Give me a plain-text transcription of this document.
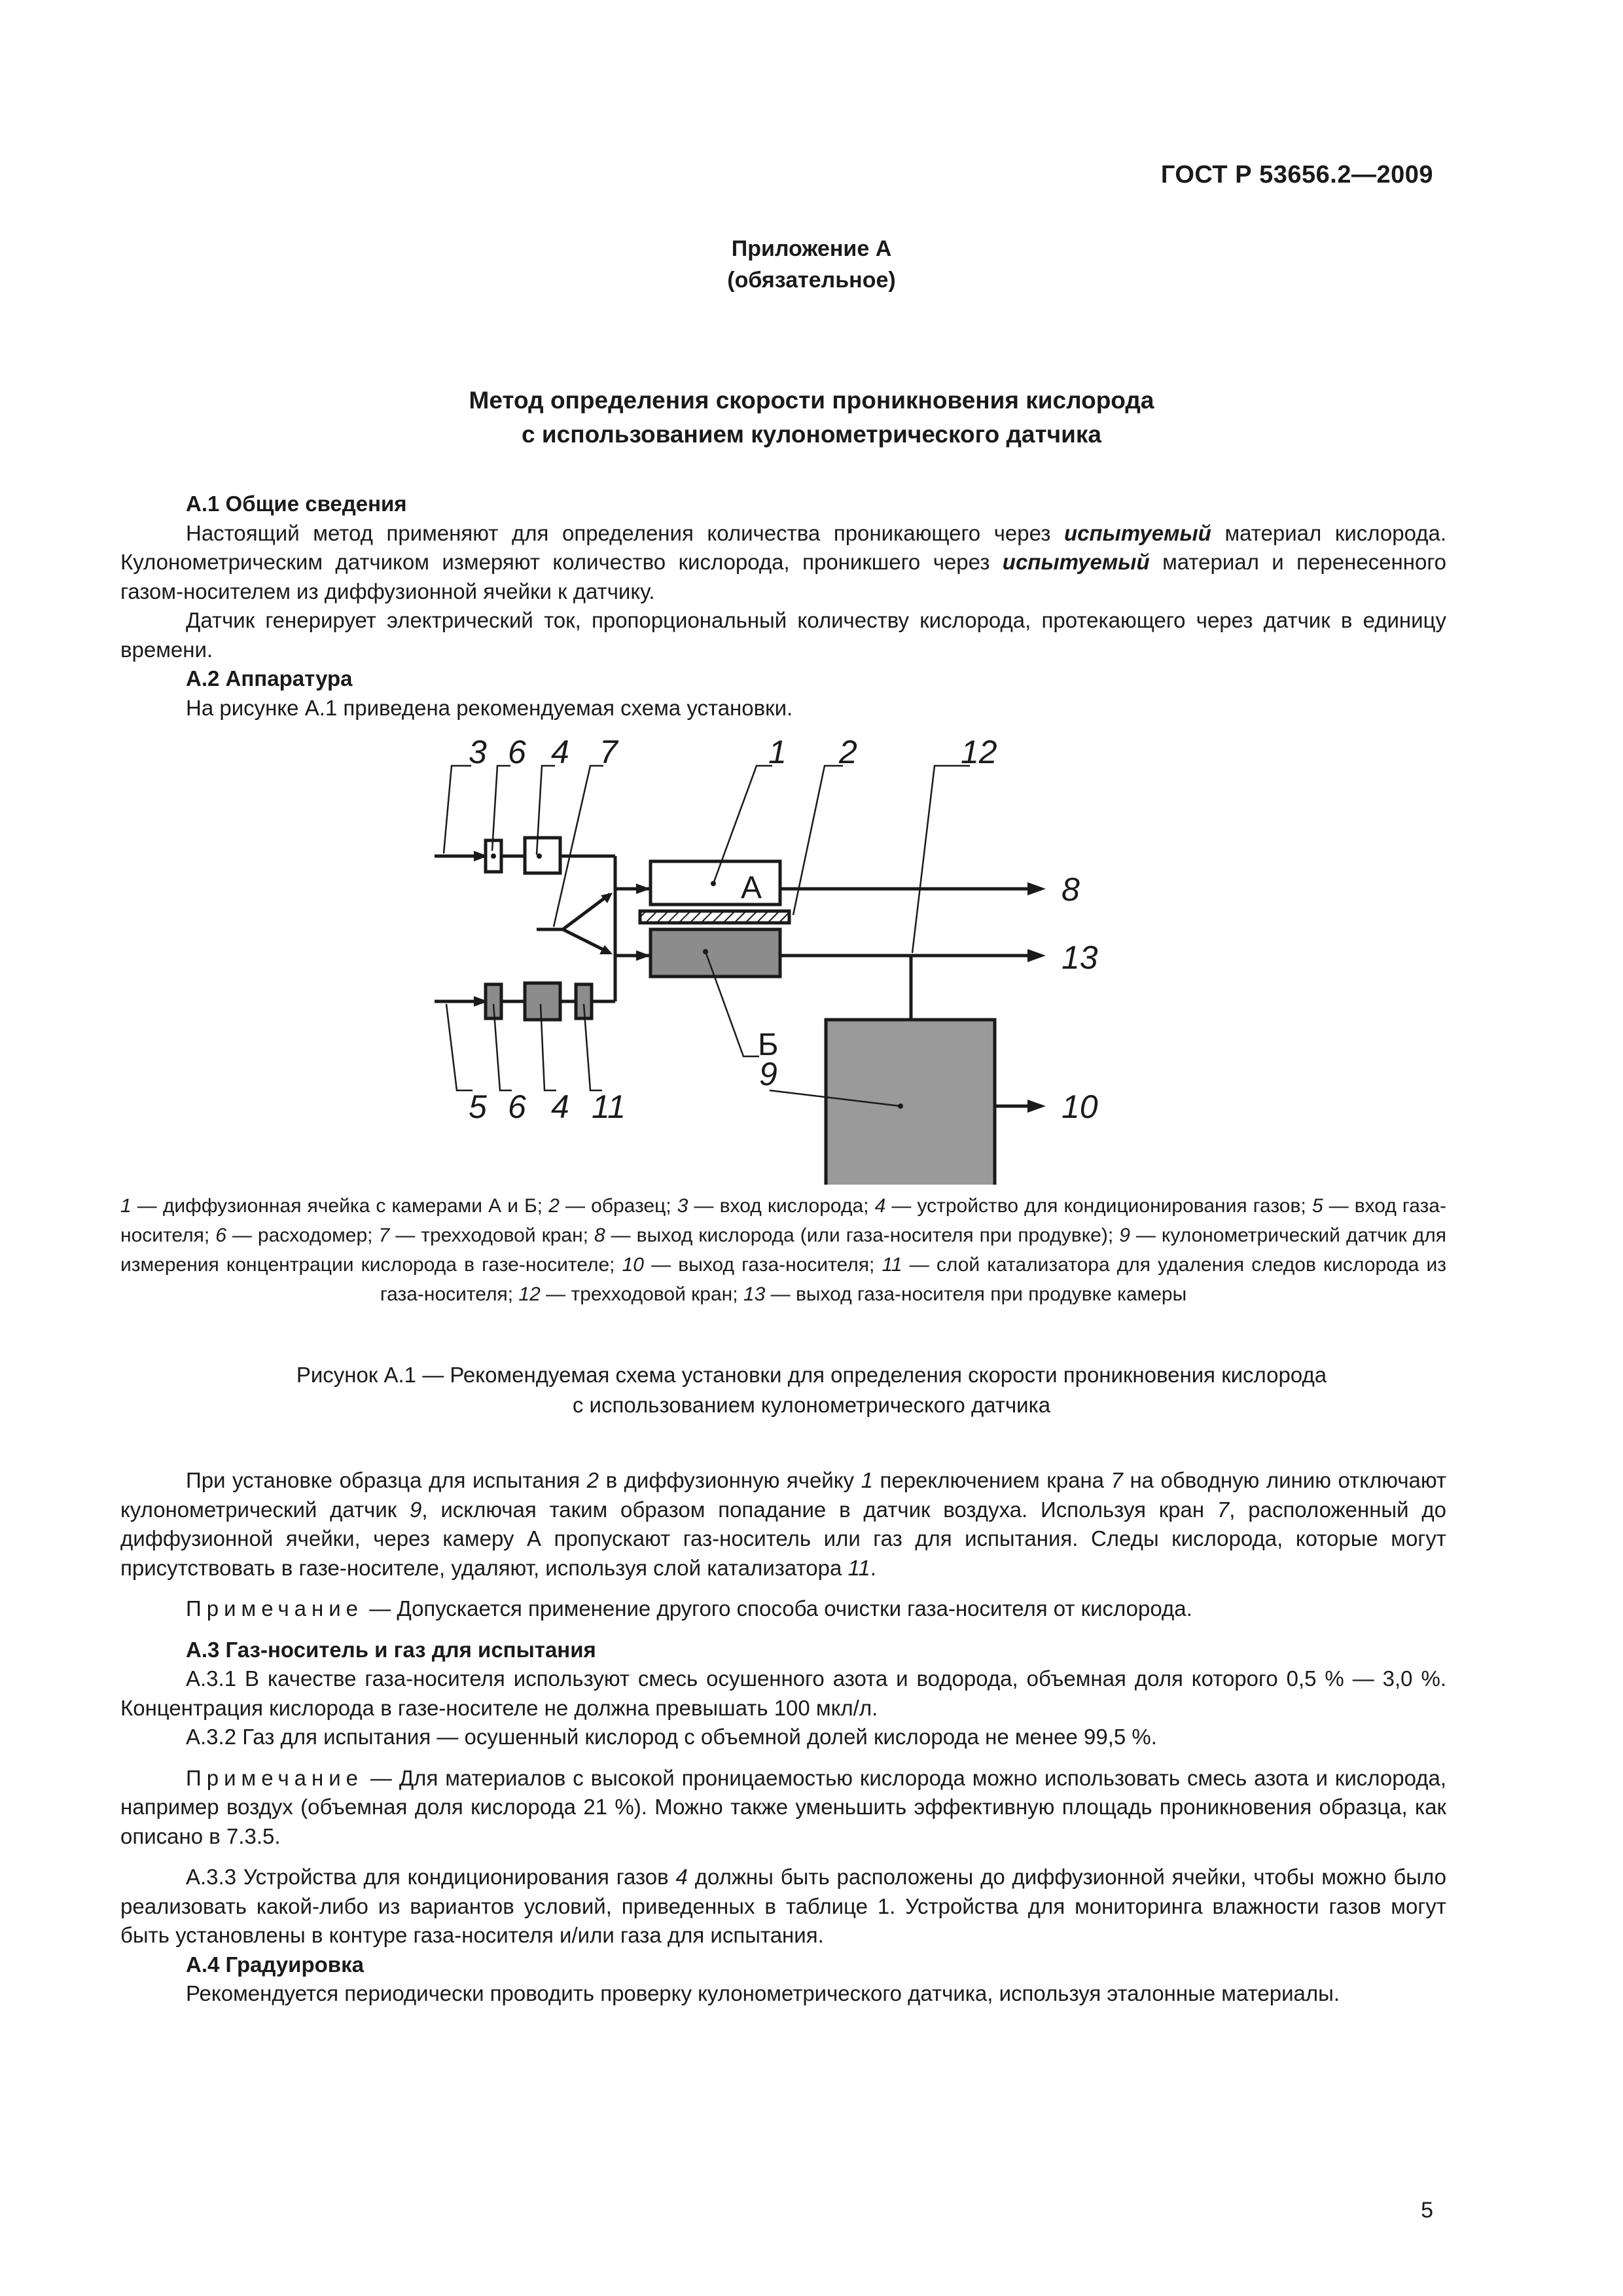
ГОСТ Р 53656.2—2009
Приложение А
(обязательное)
Метод определения скорости проникновения кислорода
с использованием кулонометрического датчика
А.1 Общие сведения

Настоящий метод применяют для определения количества проникающего через испытуемый материал кислорода. Кулонометрическим датчиком измеряют количество кислорода, проникшего через испытуемый материал и перенесенного газом-носителем из диффузионной ячейки к датчику.

Датчик генерирует электрический ток, пропорциональный количеству кислорода, протекающего через датчик в единицу времени.

А.2 Аппаратура

На рисунке А.1 приведена рекомендуемая схема установки.

3 6 4 7	1 2	12
8
13
10
9
5 6 4 11
А
Б

1 — диффузионная ячейка с камерами А и Б; 2 — образец; 3 — вход кислорода; 4 — устройство для кондиционирования газов; 5 — вход газа-носителя; 6 — расходомер; 7 — трехходовой кран; 8 — выход кислорода (или газа-носителя при продувке); 9 — кулонометрический датчик для измерения концентрации кислорода в газе-носителе; 10 — выход газа-носителя; 11 — слой катализатора для удаления следов кислорода из газа-носителя; 12 — трехходовой кран; 13 — выход газа-носителя при продувке камеры

Рисунок А.1 — Рекомендуемая схема установки для определения скорости проникновения кислорода
с использованием кулонометрического датчика

При установке образца для испытания 2 в диффузионную ячейку 1 переключением крана 7 на обводную линию отключают кулонометрический датчик 9, исключая таким образом попадание в датчик воздуха. Используя кран 7, расположенный до диффузионной ячейки, через камеру А пропускают газ-носитель или газ для испытания. Следы кислорода, которые могут присутствовать в газе-носителе, удаляют, используя слой катализатора 11.

Примечание — Допускается применение другого способа очистки газа-носителя от кислорода.

А.3 Газ-носитель и газ для испытания

А.3.1 В качестве газа-носителя используют смесь осушенного азота и водорода, объемная доля которого 0,5 % — 3,0 %. Концентрация кислорода в газе-носителе не должна превышать 100 мкл/л.

А.3.2 Газ для испытания — осушенный кислород с объемной долей кислорода не менее 99,5 %.

Примечание — Для материалов с высокой проницаемостью кислорода можно использовать смесь азота и кислорода, например воздух (объемная доля кислорода 21 %). Можно также уменьшить эффективную площадь проникновения образца, как описано в 7.3.5.

А.3.3 Устройства для кондиционирования газов 4 должны быть расположены до диффузионной ячейки, чтобы можно было реализовать какой-либо из вариантов условий, приведенных в таблице 1. Устройства для мониторинга влажности газов могут быть установлены в контуре газа-носителя и/или газа для испытания.

А.4 Градуировка

Рекомендуется периодически проводить проверку кулонометрического датчика, используя эталонные материалы.

5
